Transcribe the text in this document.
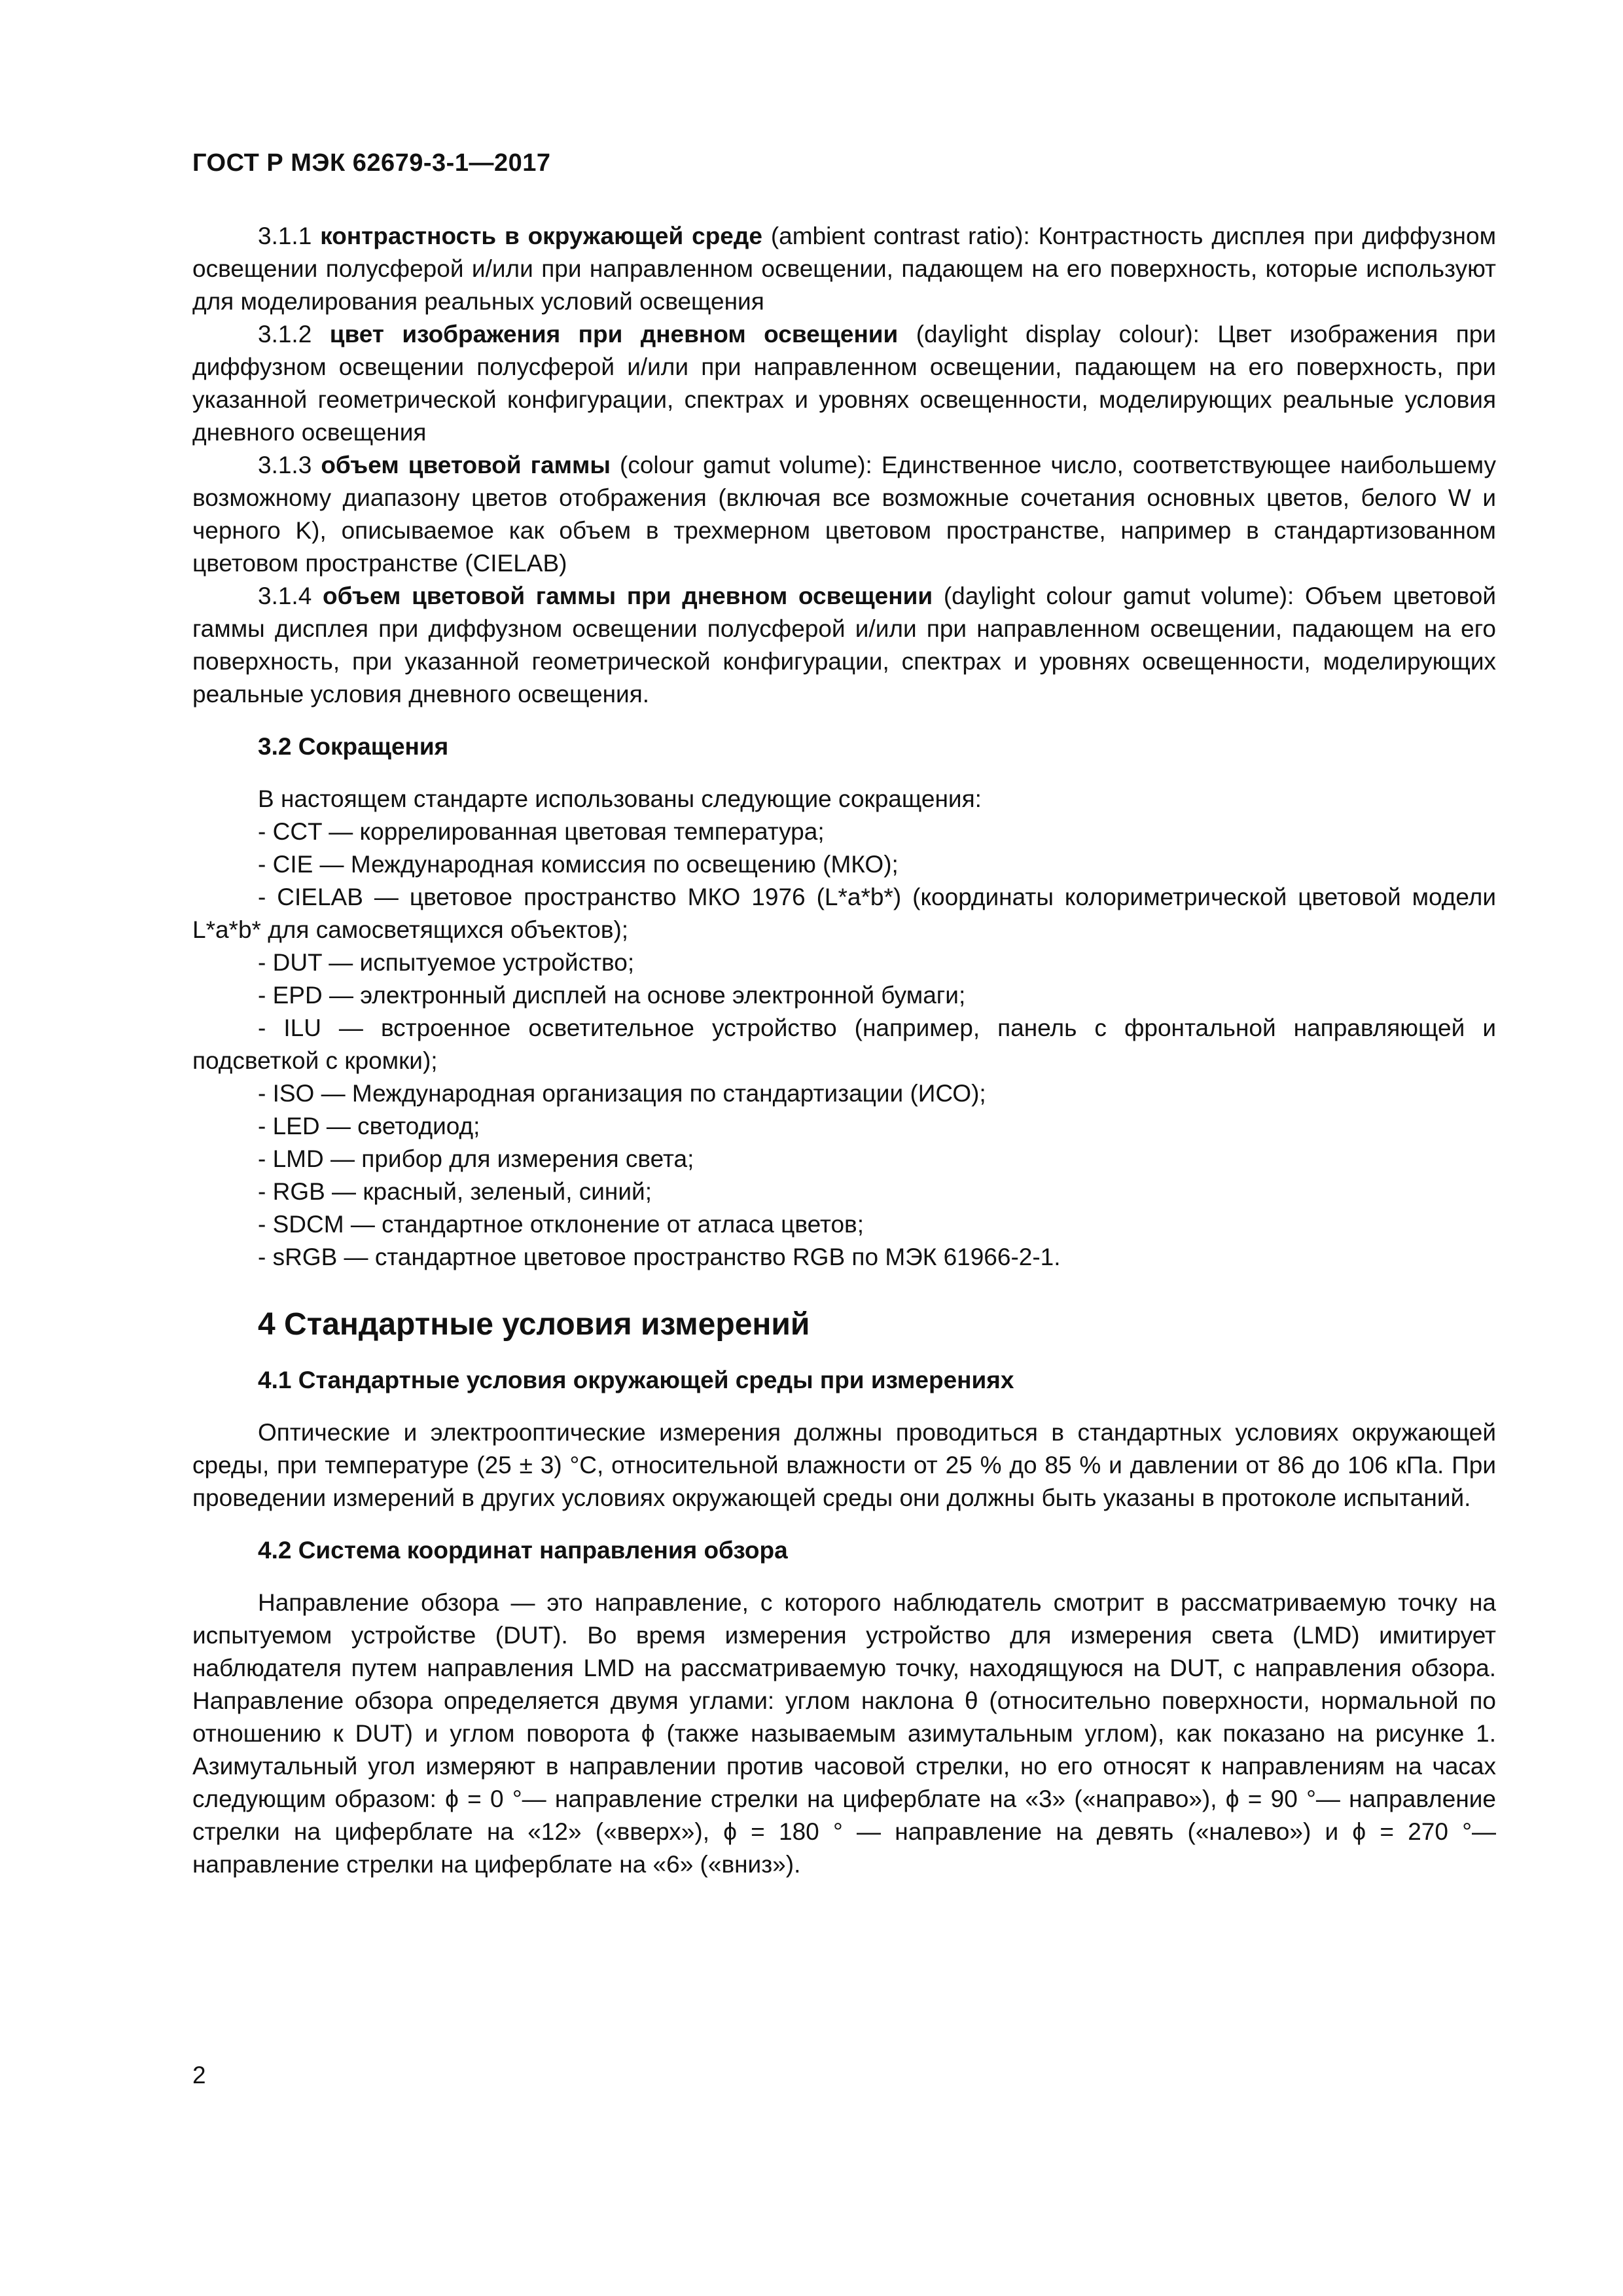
ГОСТ Р МЭК 62679-3-1—2017

3.1.1 контрастность в окружающей среде (ambient contrast ratio): Контрастность дисплея при диффузном освещении полусферой и/или при направленном освещении, падающем на его поверхность, которые используют для моделирования реальных условий освещения

3.1.2 цвет изображения при дневном освещении (daylight display colour): Цвет изображения при диффузном освещении полусферой и/или при направленном освещении, падающем на его поверхность, при указанной геометрической конфигурации, спектрах и уровнях освещенности, моделирующих реальные условия дневного освещения

3.1.3 объем цветовой гаммы (colour gamut volume): Единственное число, соответствующее наибольшему возможному диапазону цветов отображения (включая все возможные сочетания основных цветов, белого W и черного K), описываемое как объем в трехмерном цветовом пространстве, например в стандартизованном цветовом пространстве (CIELAB)

3.1.4 объем цветовой гаммы при дневном освещении (daylight colour gamut volume): Объем цветовой гаммы дисплея при диффузном освещении полусферой и/или при направленном освещении, падающем на его поверхность, при указанной геометрической конфигурации, спектрах и уровнях освещенности, моделирующих реальные условия дневного освещения.

3.2 Сокращения

В настоящем стандарте использованы следующие сокращения:

- CCT — коррелированная цветовая температура;

- CIE — Международная комиссия по освещению (МКО);

- CIELAB — цветовое пространство МКО 1976 (L*a*b*) (координаты колориметрической цветовой модели L*a*b* для самосветящихся объектов);

- DUT — испытуемое устройство;

- EPD — электронный дисплей на основе электронной бумаги;

- ILU — встроенное осветительное устройство (например, панель с фронтальной направляющей и подсветкой с кромки);

- ISO — Международная организация по стандартизации (ИСО);

- LED — светодиод;

- LMD — прибор для измерения света;

- RGB — красный, зеленый, синий;

- SDCM — стандартное отклонение от атласа цветов;

- sRGB — стандартное цветовое пространство RGB по МЭК 61966-2-1.

4 Стандартные условия измерений
4.1 Стандартные условия окружающей среды при измерениях

Оптические и электрооптические измерения должны проводиться в стандартных условиях окружающей среды, при температуре (25 ± 3) °С, относительной влажности от 25 % до 85 % и давлении от 86 до 106 кПа. При проведении измерений в других условиях окружающей среды они должны быть указаны в протоколе испытаний.

4.2 Система координат направления обзора

Направление обзора — это направление, с которого наблюдатель смотрит в рассматриваемую точку на испытуемом устройстве (DUT). Во время измерения устройство для измерения света (LMD) имитирует наблюдателя путем направления LMD на рассматриваемую точку, находящуюся на DUT, с направления обзора. Направление обзора определяется двумя углами: углом наклона θ (относительно поверхности, нормальной по отношению к DUT) и углом поворота ϕ (также называемым азимутальным углом), как показано на рисунке 1. Азимутальный угол измеряют в направлении против часовой стрелки, но его относят к направлениям на часах следующим образом: ϕ = 0 °— направление стрелки на циферблате на «3» («направо»), ϕ = 90 °— направление стрелки на циферблате на «12» («вверх»), ϕ = 180 ° — направление на девять («налево») и ϕ = 270 °— направление стрелки на циферблате на «6» («вниз»).

2
